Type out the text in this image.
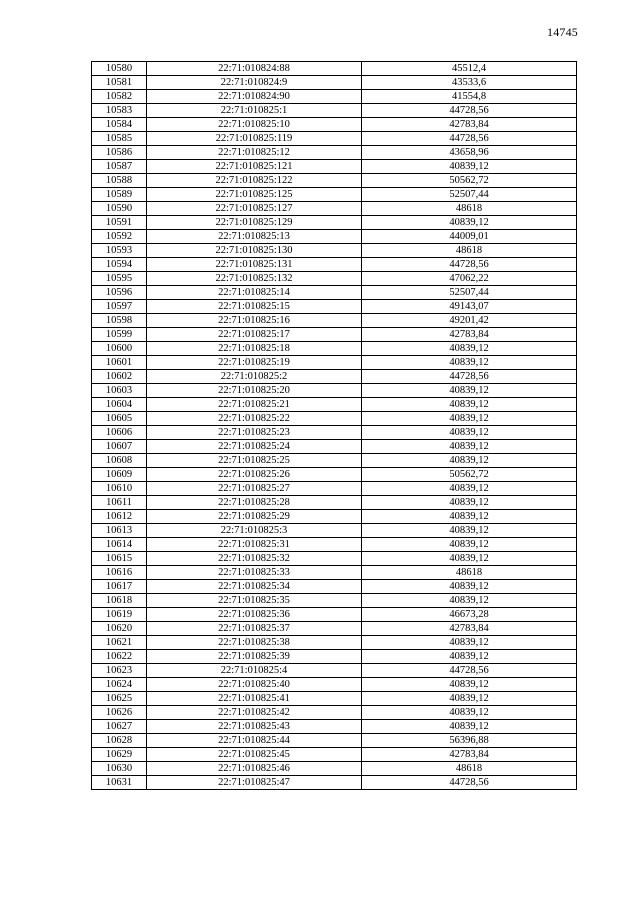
14745
10580	22:71:010824:88	45512,4
10581	22:71:010824:9	43533,6
10582	22:71:010824:90	41554,8
10583	22:71:010825:1	44728,56
10584	22:71:010825:10	42783,84
10585	22:71:010825:119	44728,56
10586	22:71:010825:12	43658,96
10587	22:71:010825:121	40839,12
10588	22:71:010825:122	50562,72
10589	22:71:010825:125	52507,44
10590	22:71:010825:127	48618
10591	22:71:010825:129	40839,12
10592	22:71:010825:13	44009,01
10593	22:71:010825:130	48618
10594	22:71:010825:131	44728,56
10595	22:71:010825:132	47062,22
10596	22:71:010825:14	52507,44
10597	22:71:010825:15	49143,07
10598	22:71:010825:16	49201,42
10599	22:71:010825:17	42783,84
10600	22:71:010825:18	40839,12
10601	22:71:010825:19	40839,12
10602	22:71:010825:2	44728,56
10603	22:71:010825:20	40839,12
10604	22:71:010825:21	40839,12
10605	22:71:010825:22	40839,12
10606	22:71:010825:23	40839,12
10607	22:71:010825:24	40839,12
10608	22:71:010825:25	40839,12
10609	22:71:010825:26	50562,72
10610	22:71:010825:27	40839,12
10611	22:71:010825:28	40839,12
10612	22:71:010825:29	40839,12
10613	22:71:010825:3	40839,12
10614	22:71:010825:31	40839,12
10615	22:71:010825:32	40839,12
10616	22:71:010825:33	48618
10617	22:71:010825:34	40839,12
10618	22:71:010825:35	40839,12
10619	22:71:010825:36	46673,28
10620	22:71:010825:37	42783,84
10621	22:71:010825:38	40839,12
10622	22:71:010825:39	40839,12
10623	22:71:010825:4	44728,56
10624	22:71:010825:40	40839,12
10625	22:71:010825:41	40839,12
10626	22:71:010825:42	40839,12
10627	22:71:010825:43	40839,12
10628	22:71:010825:44	56396,88
10629	22:71:010825:45	42783,84
10630	22:71:010825:46	48618
10631	22:71:010825:47	44728,56
